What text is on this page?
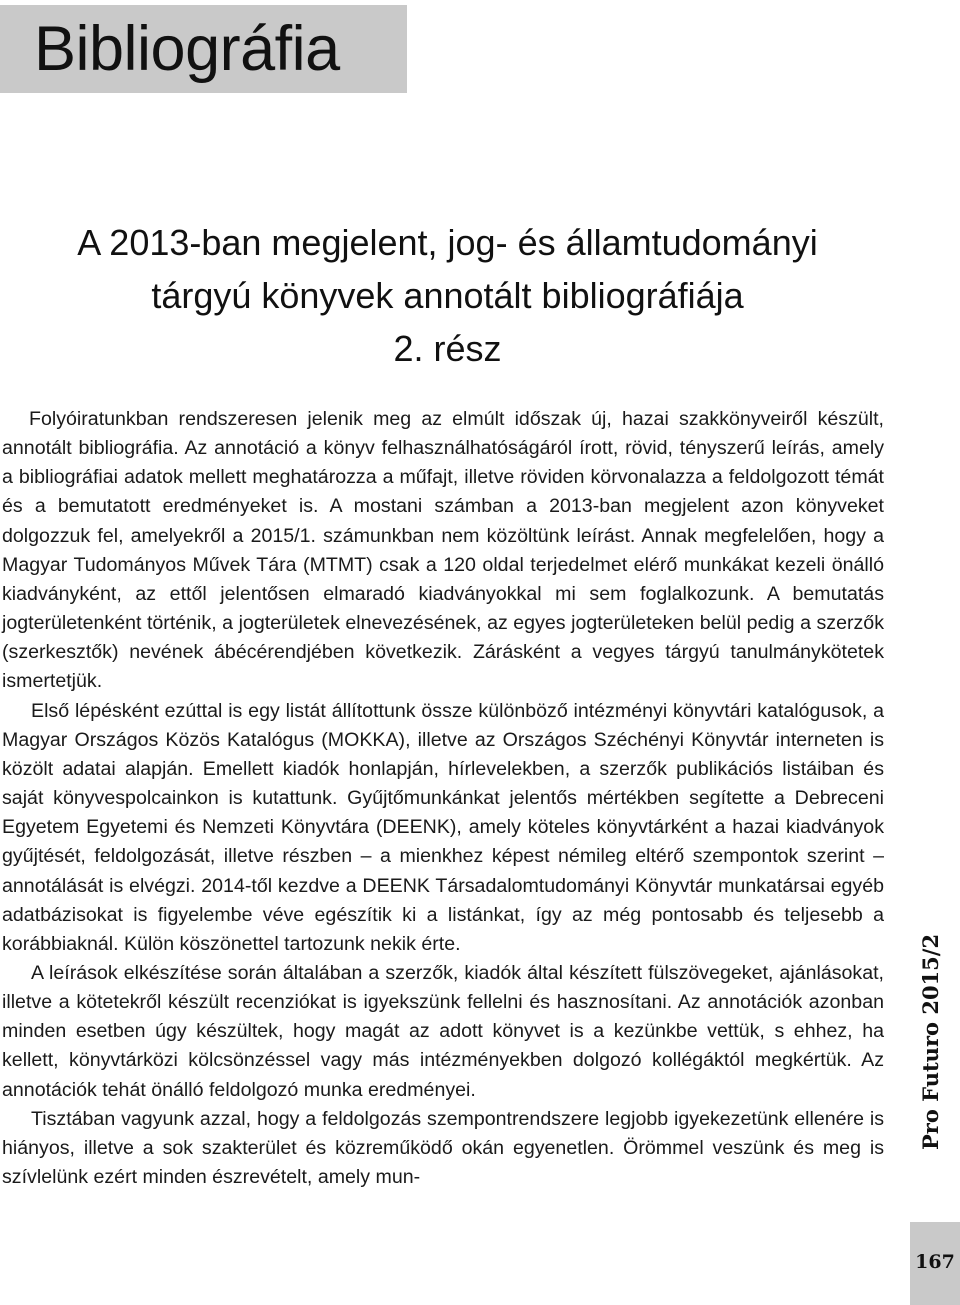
Bibliográfia
A 2013-ban megjelent, jog- és államtudományi
tárgyú könyvek annotált bibliográfiája
2. rész

Folyóiratunkban rendszeresen jelenik meg az elmúlt időszak új, hazai szakkönyveiről készült, annotált bibliográfia. Az annotáció a könyv felhasználhatóságáról írott, rövid, tényszerű leírás, amely a bibliográfiai adatok mellett meghatározza a műfajt, illetve röviden körvonalazza a feldolgozott témát és a bemutatott eredményeket is. A mostani számban a 2013-ban megjelent azon könyveket dolgozzuk fel, amelyekről a 2015/1. számunkban nem közöltünk leírást. Annak megfelelően, hogy a Magyar Tudományos Művek Tára (MTMT) csak a 120 oldal terjedelmet elérő munkákat kezeli önálló kiadványként, az ettől jelentősen elmaradó kiadványokkal mi sem foglalkozunk. A bemutatás jogterületenként történik, a jogterületek elnevezésének, az egyes jogterületeken belül pedig a szerzők (szerkesztők) nevének ábécérendjében következik. Zárásként a vegyes tárgyú tanulmánykötetek ismertetjük.

Első lépésként ezúttal is egy listát állítottunk össze különböző intézményi könyvtári katalógusok, a Magyar Országos Közös Katalógus (MOKKA), illetve az Országos Széchényi Könyvtár interneten is közölt adatai alapján. Emellett kiadók honlapján, hírlevelekben, a szerzők publikációs listáiban és saját könyvespolcainkon is kutattunk. Gyűjtőmunkánkat jelentős mértékben segítette a Debreceni Egyetem Egyetemi és Nemzeti Könyvtára (DEENK), amely köteles könyvtárként a hazai kiadványok gyűjtését, feldolgozását, illetve részben – a mienkhez képest némileg eltérő szempontok szerint – annotálását is elvégzi. 2014-től kezdve a DEENK Társadalomtudományi Könyvtár munkatársai egyéb adatbázisokat is figyelembe véve egészítik ki a listánkat, így az még pontosabb és teljesebb a korábbiaknál. Külön köszönettel tartozunk nekik érte.

A leírások elkészítése során általában a szerzők, kiadók által készített fülszövegeket, ajánlásokat, illetve a kötetekről készült recenziókat is igyekszünk fellelni és hasznosítani. Az annotációk azonban minden esetben úgy készültek, hogy magát az adott könyvet is a kezünkbe vettük, s ehhez, ha kellett, könyvtárközi kölcsönzéssel vagy más intézményekben dolgozó kollégáktól megkértük. Az annotációk tehát önálló feldolgozó munka eredményei.

Tisztában vagyunk azzal, hogy a feldolgozás szempontrendszere legjobb igyekezetünk ellenére is hiányos, illetve a sok szakterület és közreműködő okán egyenetlen. Örömmel veszünk és meg is szívlelünk ezért minden észrevételt, amely mun-

Pro Futuro 2015/2
167
